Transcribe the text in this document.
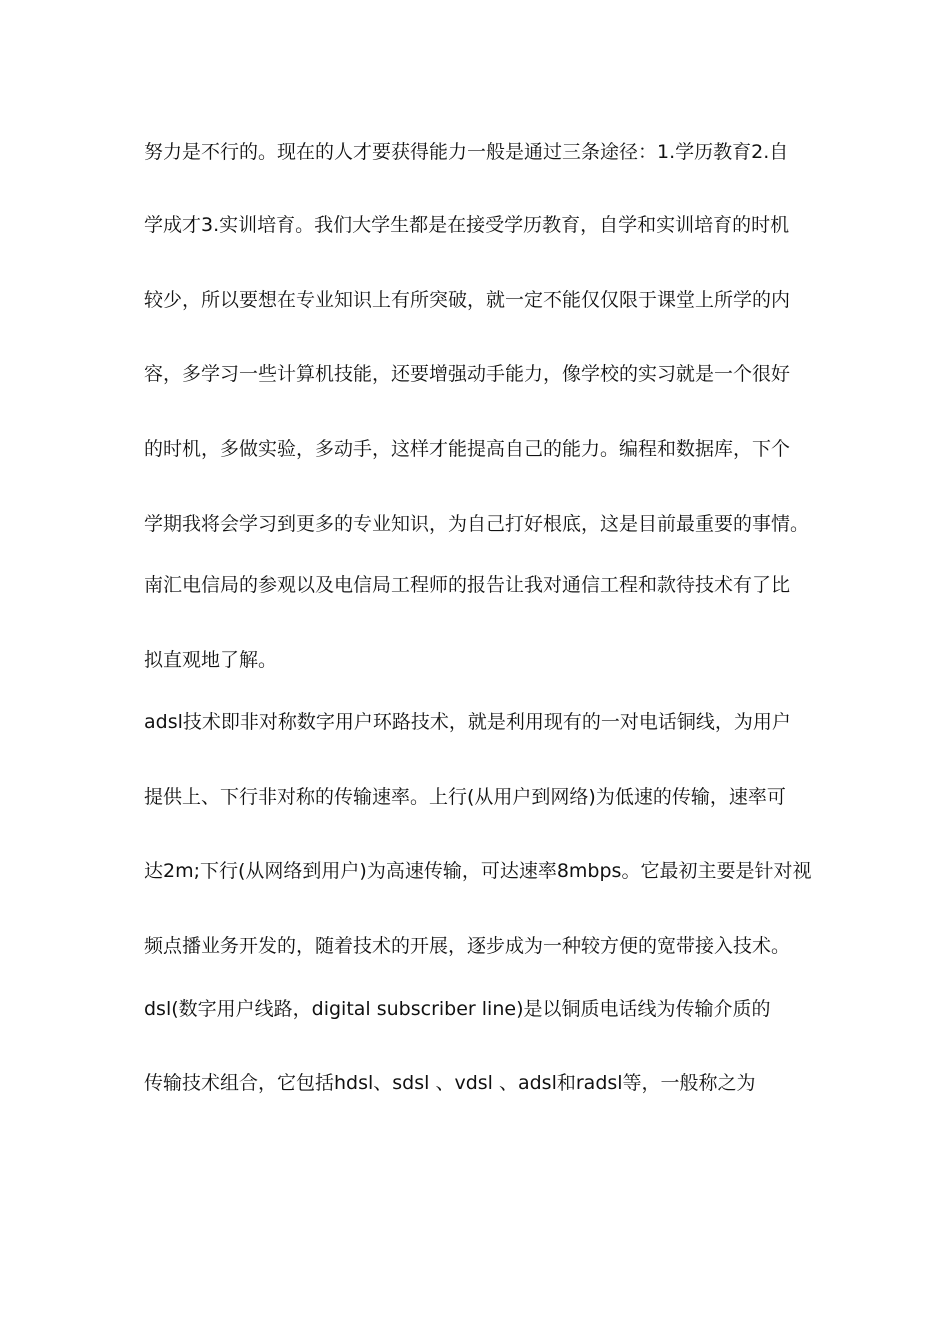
努力是不行的。现在的人才要获得能力一般是通过三条途径：1.学历教育2.自
学成才3.实训培育。我们大学生都是在接受学历教育，自学和实训培育的时机
较少，所以要想在专业知识上有所突破，就一定不能仅仅限于课堂上所学的内
容，多学习一些计算机技能，还要增强动手能力，像学校的实习就是一个很好
的时机，多做实验，多动手，这样才能提高自己的能力。编程和数据库，下个
学期我将会学习到更多的专业知识，为自己打好根底，这是目前最重要的事情。
南汇电信局的参观以及电信局工程师的报告让我对通信工程和款待技术有了比
拟直观地了解。
adsl技术即非对称数字用户环路技术，就是利用现有的一对电话铜线，为用户
提供上、下行非对称的传输速率。上行(从用户到网络)为低速的传输，速率可
达2m;下行(从网络到用户)为高速传输，可达速率8mbps。它最初主要是针对视
频点播业务开发的，随着技术的开展，逐步成为一种较方便的宽带接入技术。
dsl(数字用户线路，digital subscriber line)是以铜质电话线为传输介质的
传输技术组合，它包括hdsl、sdsl 、vdsl 、adsl和radsl等，一般称之为
